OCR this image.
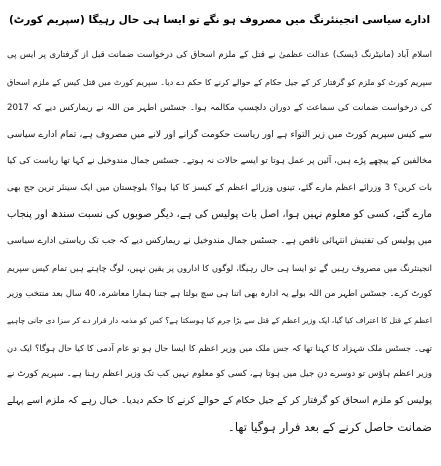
ادارے سیاسی انجینئرنگ میں مصروف ہو نگے تو ایسا ہی حال رہیگا (سپریم کورٹ)
اسلام آباد (مانیٹرنگ ڈیسک) عدالت عظمیٰ نے قتل کے ملزم اسحاق کی درخواست ضمانت قبل از گرفتاری پر ایس پی
سپریم کورٹ کو ملزم کو گرفتار کر کے جیل حکام کے حوالے کرنے کا حکم دے دیا۔ سپریم کورٹ میں قتل کیس کے ملزم اسحاق
کی درخواست ضمانت کی سماعت کے دوران دلچسپ مکالمہ ہوا۔ جسٹس اطہر من اللہ نے ریمارکس دیے کہ 2017
سے کیس سپریم کورٹ میں زیر التواء ہے اور ریاست حکومت گرانے اور لانے میں مصروف ہے، تمام ادارے سیاسی
مخالفین کے پیچھے پڑے ہیں، آئین پر عمل ہوتا تو ایسے حالات نہ ہوتے۔ جسٹس جمال مندوخیل نے کہا تھا ریاست کی کیا
بات کریں؟ 3 وزرائے اعظم مارے گئے، تینوں وزرائے اعظم کے کیسز کا کیا ہوا؟ بلوچستان میں ایک سینئر ترین جج بھی
مارے گئے، کسی کو معلوم نہیں ہوا، اصل بات پولیس کی ہے، دیگر صوبوں کی نسبت سندھ اور پنجاب
میں پولیس کی تفتیش انتہائی ناقص ہے۔ جسٹس جمال مندوخیل نے ریمارکس دیے کہ جب تک ریاستی ادارے سیاسی
انجینئرنگ میں مصروف رہیں گے تو ایسا ہی حال رہیگا، لوگوں کا اداروں پر یقین نہیں، لوگ چاہتے ہیں تمام کیس سپریم
کورٹ کرے۔ جسٹس اطہر من اللہ بولے یہ ادارہ بھی اتنا ہی سچ بولتا ہے جتنا ہمارا معاشرہ، 40 سال بعد منتخب وزیر
اعظم کے قتل کا اعتراف کیا گیا، ایک وزیر اعظم کے قتل سے بڑا جرم کیا ہوسکتا ہے؟ کس کو مذمہ دار قرار دے کر سزا دی جانی چاہیے
تھی۔ جسٹس ملک شہزاد کا کہنا تھا کہ جس ملک میں وزیر اعظم کا ایسا حال ہو تو عام آدمی کا کیا حال ہوگا؟ ایک دن
وزیر اعظم ہاؤس تو دوسرے دن جیل میں ہوتا ہے، کسی کو معلوم نہیں کب تک وزیر اعظم رہنا ہے۔ سپریم کورٹ نے
پولیس کو ملزم اسحاق کو گرفتار کر کے جیل حکام کے حوالے کرنے کا حکم دیدیا۔ خیال رہے کہ ملزم اسے پہلے
ضمانت حاصل کرنے کے بعد فرار ہوگیا تھا۔
